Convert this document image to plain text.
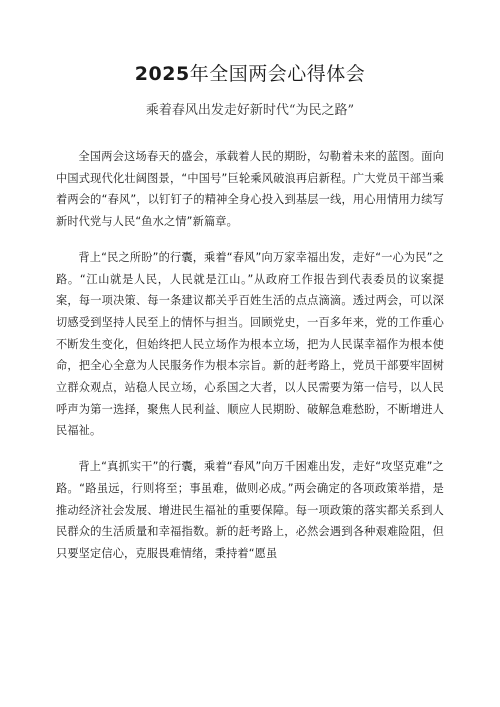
2025年全国两会心得体会
乘着春风出发走好新时代“为民之路”

全国两会这场春天的盛会，承载着人民的期盼，勾勒着未来的蓝图。面向中国式现代化壮阔图景，“中国号”巨轮乘风破浪再启新程。广大党员干部当乘着两会的“春风”，以钉钉子的精神全身心投入到基层一线，用心用情用力续写新时代党与人民“鱼水之情”新篇章。

背上“民之所盼”的行囊，乘着“春风”向万家幸福出发，走好“一心为民”之路。“江山就是人民，人民就是江山。”从政府工作报告到代表委员的议案提案，每一项决策、每一条建议都关乎百姓生活的点点滴滴。透过两会，可以深切感受到坚持人民至上的情怀与担当。回顾党史，一百多年来，党的工作重心不断发生变化，但始终把人民立场作为根本立场，把为人民谋幸福作为根本使命，把全心全意为人民服务作为根本宗旨。新的赶考路上，党员干部要牢固树立群众观点，站稳人民立场，心系国之大者，以人民需要为第一信号，以人民呼声为第一选择，聚焦人民利益、顺应人民期盼、破解急难愁盼，不断增进人民福祉。

背上“真抓实干”的行囊，乘着“春风”向万千困难出发，走好“攻坚克难”之路。“路虽远，行则将至；事虽难，做则必成。”两会确定的各项政策举措，是推动经济社会发展、增进民生福祉的重要保障。每一项政策的落实都关系到人民群众的生活质量和幸福指数。新的赶考路上，必然会遇到各种艰难险阻，但只要坚定信心，克服畏难情绪，秉持着“愿虽
